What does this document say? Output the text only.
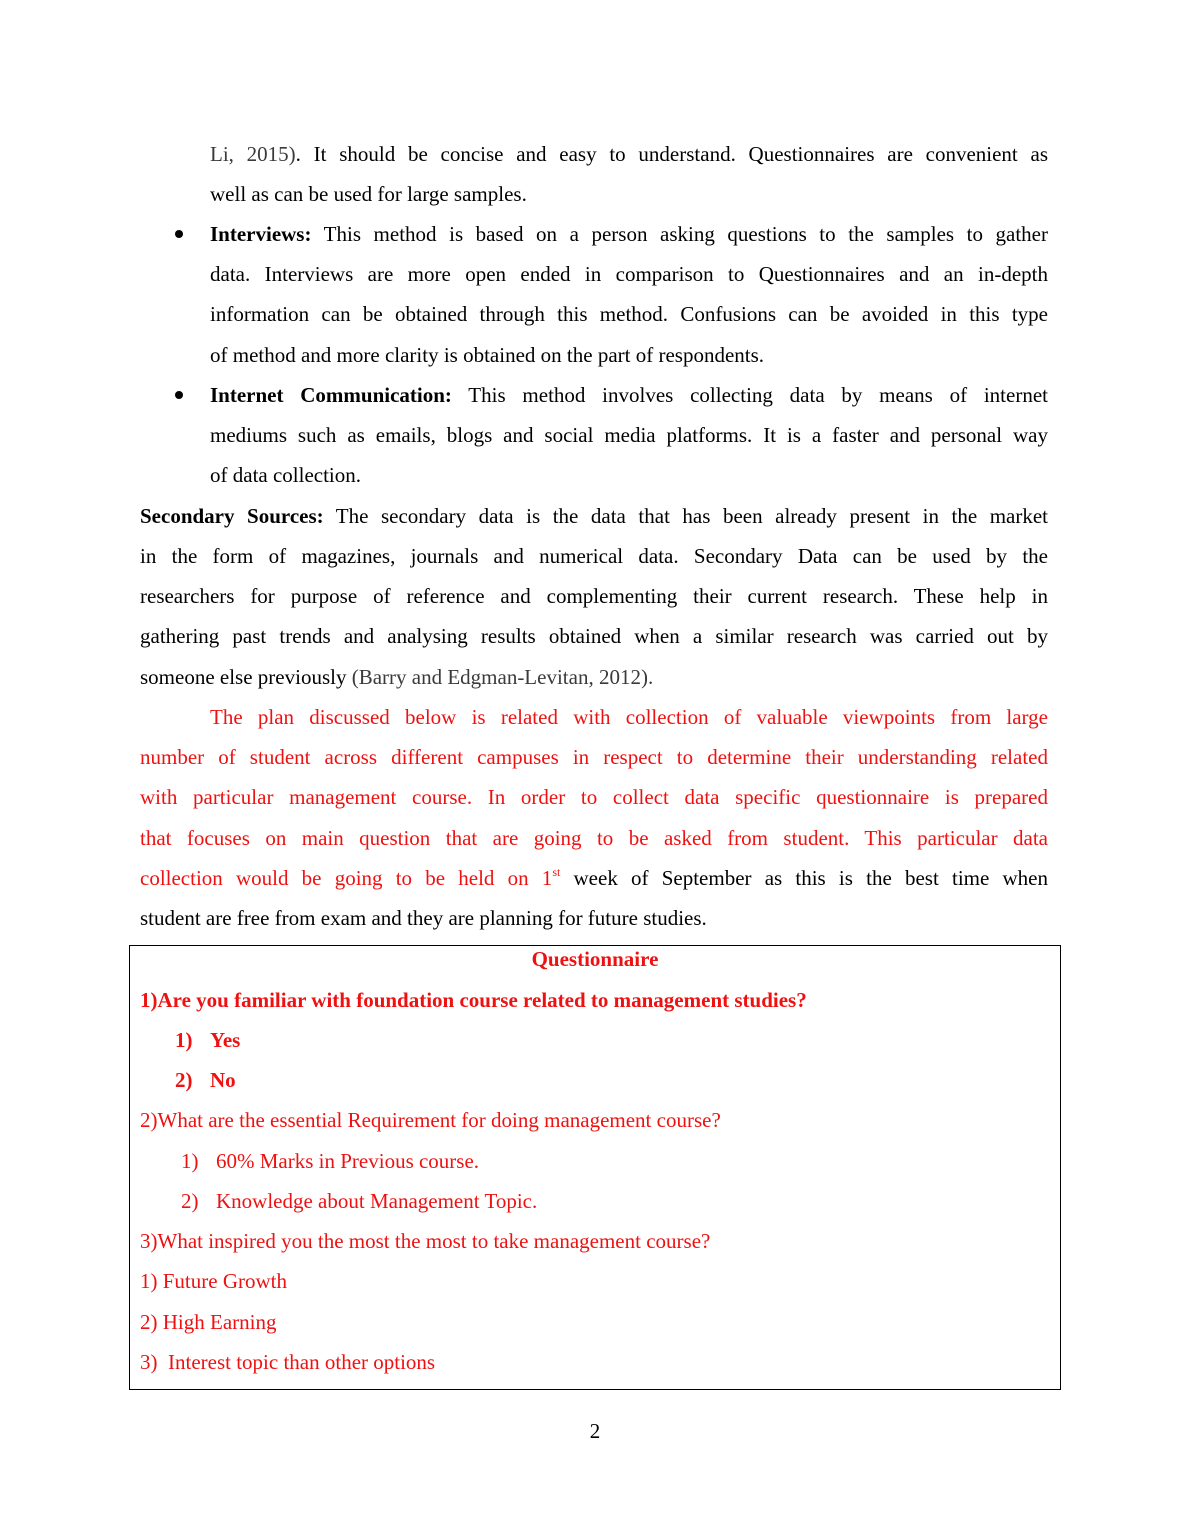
Li, 2015). It should be concise and easy to understand. Questionnaires are convenient as
well as can be used for large samples.
Interviews: This method is based on a person asking questions to the samples to gather
data. Interviews are more open ended in comparison to Questionnaires and an in-depth
information can be obtained through this method. Confusions can be avoided in this type
of method and more clarity is obtained on the part of respondents.
Internet Communication: This method involves collecting data by means of internet
mediums such as emails, blogs and social media platforms. It is a faster and personal way
of data collection.
Secondary Sources: The secondary data is the data that has been already present in the market
in the form of magazines, journals and numerical data. Secondary Data can be used by the
researchers for purpose of reference and complementing their current research. These help in
gathering past trends and analysing results obtained when a similar research was carried out by
someone else previously (Barry and Edgman-Levitan, 2012).
The plan discussed below is related with collection of valuable viewpoints from large
number of student across different campuses in respect to determine their understanding related
with particular management course. In order to collect data specific questionnaire is prepared
that focuses on main question that are going to be asked from student. This particular data
collection would be going to be held on 1st week of September as this is the best time when
student are free from exam and they are planning for future studies.
Questionnaire
1)Are you familiar with foundation course related to management studies?
1) Yes
2) No
2)What are the essential Requirement for doing management course?
1) 60% Marks in Previous course.
2) Knowledge about Management Topic.
3)What inspired you the most the most to take management course?
1) Future Growth
2) High Earning
3)  Interest topic than other options
2
